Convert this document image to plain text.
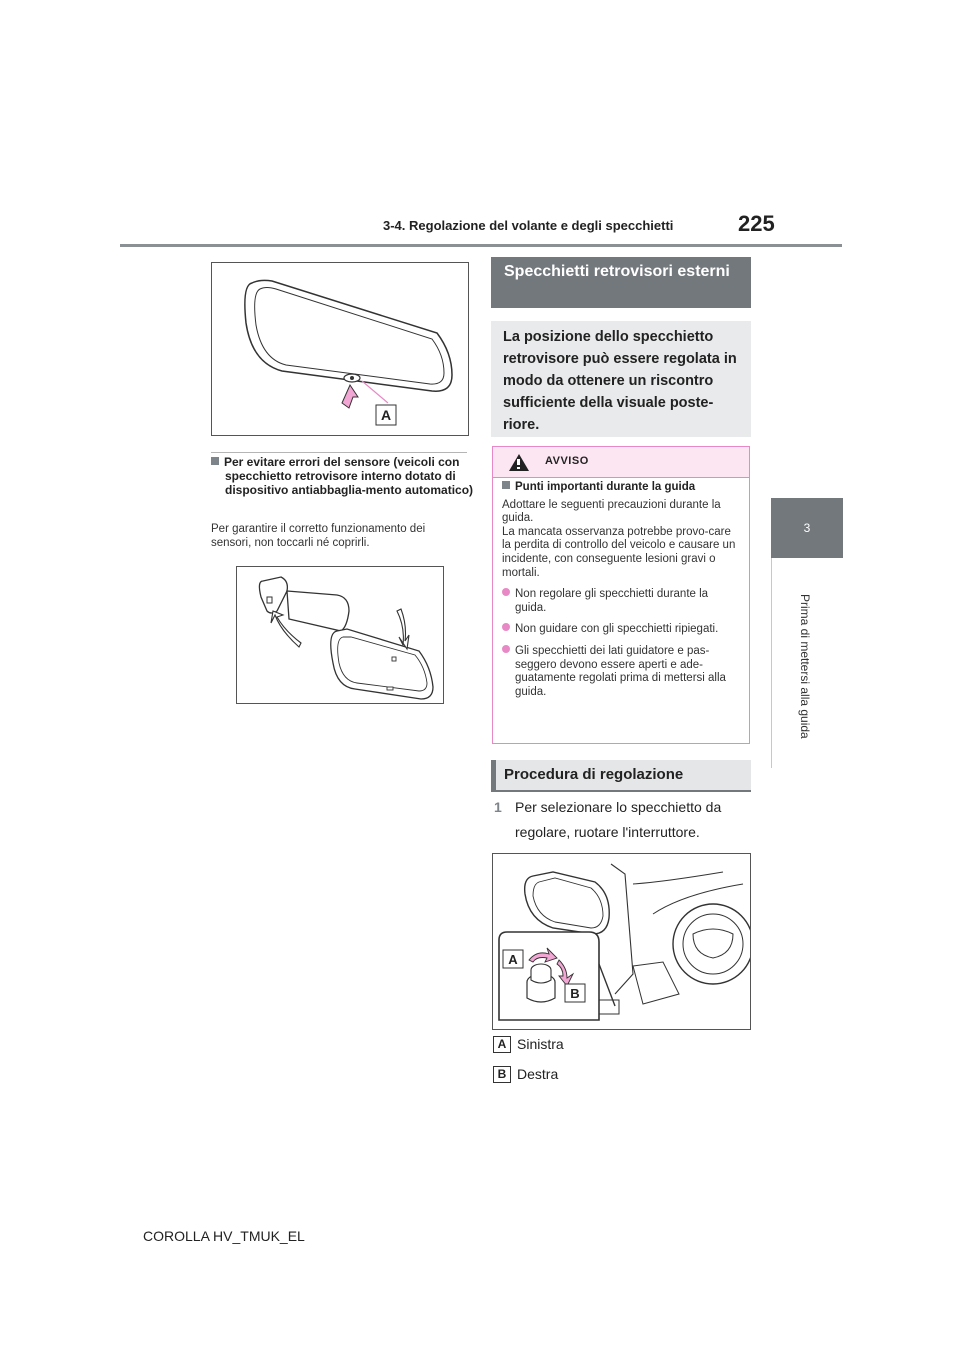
3-4. Regolazione del volante e degli specchietti	225
3
Prima di mettersi alla guida
A
Per evitare errori del sensore (veicoli con specchietto retrovisore interno dotato di dispositivo antiabbaglia-mento automatico)
Per garantire il corretto funzionamento dei sensori, non toccarli né coprirli.
Specchietti retrovisori esterni
La posizione dello specchietto retrovisore può essere regolata in modo da ottenere un riscontro sufficiente della visuale poste-riore.
AVVISO
Punti importanti durante la guida
Adottare le seguenti precauzioni durante la guida.
La mancata osservanza potrebbe provo-care la perdita di controllo del veicolo e causare un incidente, con conseguente lesioni gravi o mortali.
Non regolare gli specchietti durante la guida.
Non guidare con gli specchietti ripiegati.
Gli specchietti dei lati guidatore e pas-seggero devono essere aperti e ade-guatamente regolati prima di mettersi alla guida.
Procedura di regolazione
1 Per selezionare lo specchietto da regolare, ruotare l'interruttore.
A
B
A Sinistra
B Destra
COROLLA HV_TMUK_EL
